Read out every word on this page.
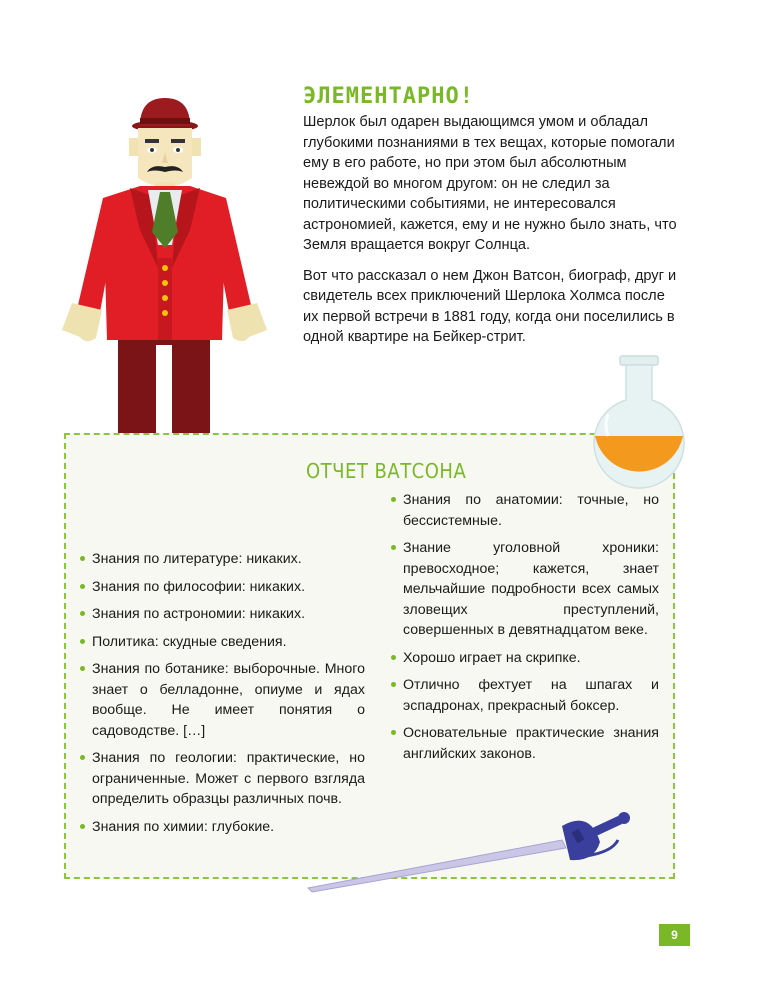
ЭЛЕМЕНТАРНО!

Шерлок был одарен выдающимся умом и обладал глубокими познаниями в тех вещах, которые помогали ему в его работе, но при этом был абсолютным невеждой во многом другом: он не следил за политическими событиями, не интересовался астрономией, кажется, ему и не нужно было знать, что Земля вращается вокруг Солнца.

Вот что рассказал о нем Джон Ватсон, биограф, друг и свидетель всех приключений Шерлока Холмса после их первой встречи в 1881 году, когда они поселились в одной квартире на Бейкер-стрит.

ОТЧЕТ ВАТСОНА
Знания по литературе: никаких.
Знания по философии: никаких.
Знания по астрономии: никаких.
Политика: скудные сведения.
Знания по ботанике: выборочные. Много знает о белладонне, опиуме и ядах вообще. Не имеет понятия о садоводстве. […]
Знания по геологии: практические, но ограниченные. Может с первого взгляда определить образцы различных почв.
Знания по химии: глубокие.
Знания по анатомии: точные, но бессистемные.
Знание уголовной хроники: превосходное; кажется, знает мельчайшие подробности всех самых зловещих преступлений, совершенных в девятнадцатом веке.
Хорошо играет на скрипке.
Отлично фехтует на шпагах и эспадронах, прекрасный боксер.
Основательные практические знания английских законов.
9
